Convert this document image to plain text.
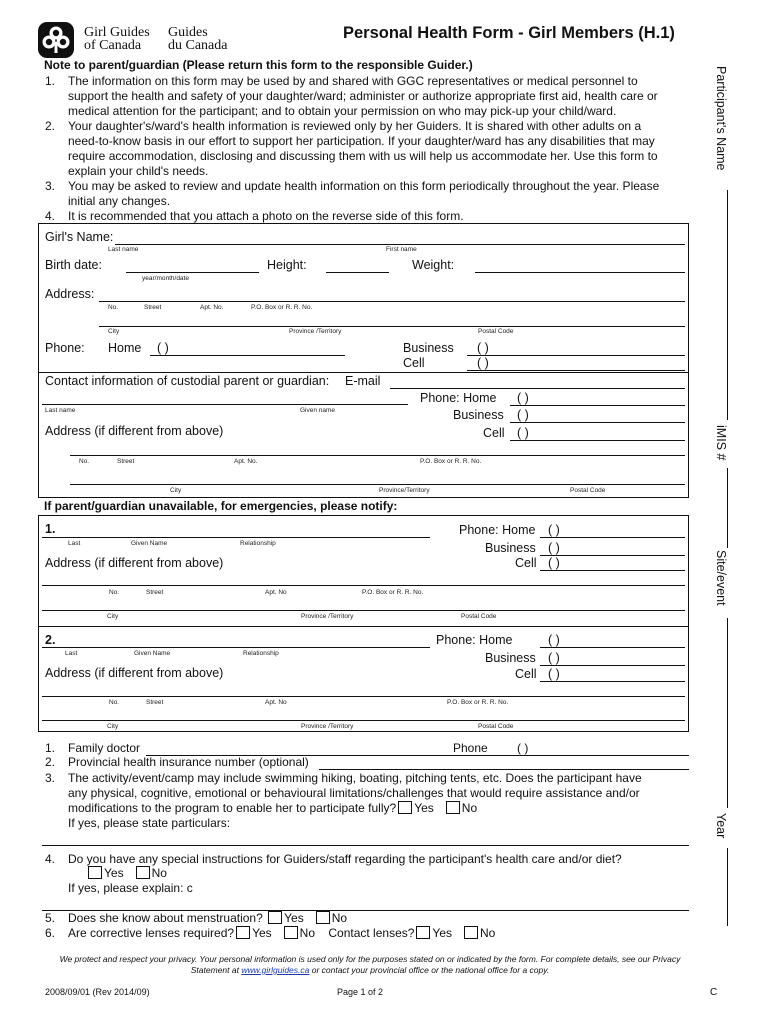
Girl Guides
of Canada
Guides
du Canada
Personal Health Form - Girl Members (H.1)
Note to parent/guardian (Please return this form to the responsible Guider.)
1. The information on this form may be used by and shared with GGC representatives or medical personnel to
support the health and safety of your daughter/ward; administer or authorize appropriate first aid, health care or
medical attention for the participant; and to obtain your permission on who may pick-up your child/ward.
2. Your daughter's/ward's health information is reviewed only by her Guiders. It is shared with other adults on a
need-to-know basis in our effort to support her participation. If your daughter/ward has any disabilities that may
require accommodation, disclosing and discussing them with us will help us accommodate her. Use this form to
explain your child's needs.
3. You may be asked to review and update health information on this form periodically throughout the year. Please
initial any changes.
4. It is recommended that you attach a photo on the reverse side of this form.
Girl's Name:
Last name	First name
Birth date:
year/month/date
Height:	Weight:
Address:
No.	Street	Apt. No.	P.O. Box or R. R. No.
City	Province /Territory	Postal Code
Phone: Home ( )	Business ( )
Cell	( )
Contact information of custodial parent or guardian: E-mail
Phone: Home ( )
Last name	Given name	Business ( )
Address (if different from above)	Cell ( )
No.	Street	Apt. No.	P.O. Box or R. R. No.
City	Province/Territory	Postal Code
If parent/guardian unavailable, for emergencies, please notify:
1.
Last	Given Name	Relationship
Phone: Home ( )
Business ( )
Address (if different from above)	Cell ( )
No.	Street	Apt. No	P.O. Box or R. R. No.
City	Province /Territory	Postal Code
2.
Last	Given Name	Relationship
Phone: Home	( )
Business ( )
Address (if different from above)	Cell ( )
No.	Street	Apt. No	P.O. Box or R. R. No.
City	Province /Territory	Postal Code
1. Family doctor	Phone ( )
2. Provincial health insurance number (optional)
3. The activity/event/camp may include swimming hiking, boating, pitching tents, etc. Does the participant have
any physical, cognitive, emotional or behavioural limitations/challenges that would require assistance and/or
modifications to the program to enable her to participate fully? Yes No
If yes, please state particulars:
4. Do you have any special instructions for Guiders/staff regarding the participant's health care and/or diet?
Yes No
If yes, please explain: c
5. Does she know about menstruation? Yes No
6. Are corrective lenses required? Yes No Contact lenses? Yes No
Participant's Name
iMIS #
Site/event
Year
We protect and respect your privacy. Your personal information is used only for the purposes stated on or indicated by the form. For complete details, see our Privacy
Statement at www.girlguides.ca or contact your provincial office or the national office for a copy.
2008/09/01 (Rev 2014/09)	Page 1 of 2	C
